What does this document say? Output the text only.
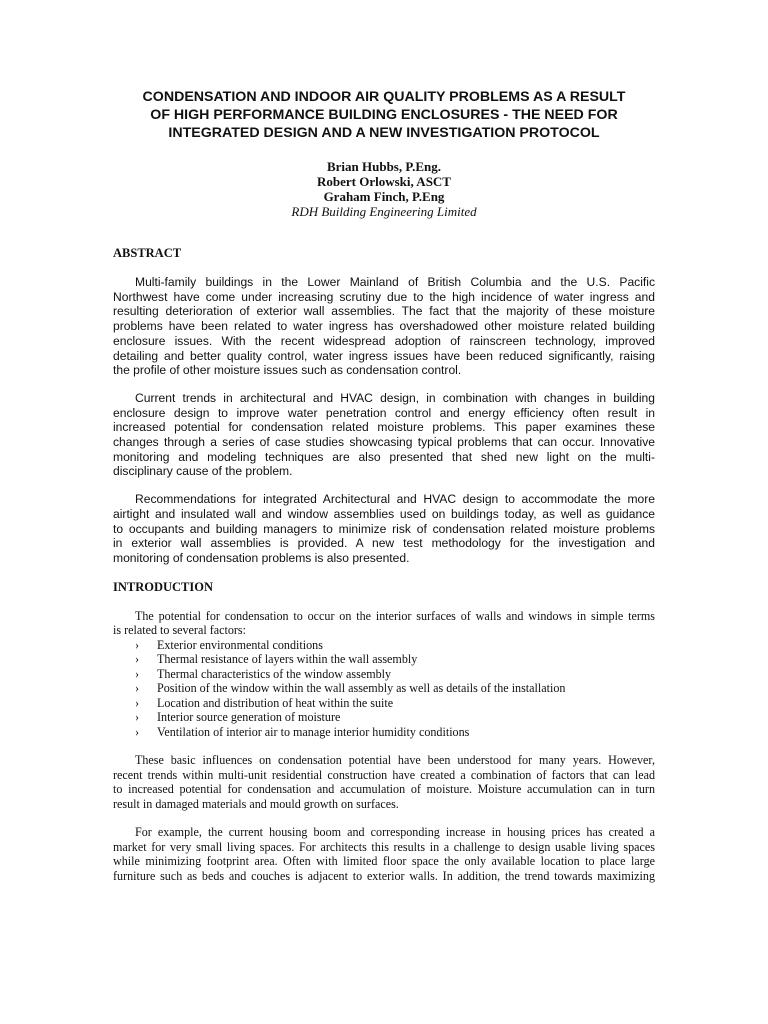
CONDENSATION AND INDOOR AIR QUALITY PROBLEMS AS A RESULT
OF HIGH PERFORMANCE BUILDING ENCLOSURES - THE NEED FOR
INTEGRATED DESIGN AND A NEW INVESTIGATION PROTOCOL
Brian Hubbs, P.Eng.
Robert Orlowski, ASCT
Graham Finch, P.Eng
RDH Building Engineering Limited
ABSTRACT

Multi-family buildings in the Lower Mainland of British Columbia and the U.S. Pacific
Northwest have come under increasing scrutiny due to the high incidence of water ingress and
resulting deterioration of exterior wall assemblies. The fact that the majority of these moisture
problems have been related to water ingress has overshadowed other moisture related building
enclosure issues. With the recent widespread adoption of rainscreen technology, improved
detailing and better quality control, water ingress issues have been reduced significantly, raising
the profile of other moisture issues such as condensation control.

Current trends in architectural and HVAC design, in combination with changes in building
enclosure design to improve water penetration control and energy efficiency often result in
increased potential for condensation related moisture problems. This paper examines these
changes through a series of case studies showcasing typical problems that can occur. Innovative
monitoring and modeling techniques are also presented that shed new light on the multi-
disciplinary cause of the problem.

Recommendations for integrated Architectural and HVAC design to accommodate the more
airtight and insulated wall and window assemblies used on buildings today, as well as guidance
to occupants and building managers to minimize risk of condensation related moisture problems
in exterior wall assemblies is provided. A new test methodology for the investigation and
monitoring of condensation problems is also presented.

INTRODUCTION

The potential for condensation to occur on the interior surfaces of walls and windows in simple terms
is related to several factors:

› Exterior environmental conditions
› Thermal resistance of layers within the wall assembly
› Thermal characteristics of the window assembly
› Position of the window within the wall assembly as well as details of the installation
› Location and distribution of heat within the suite
› Interior source generation of moisture
› Ventilation of interior air to manage interior humidity conditions

These basic influences on condensation potential have been understood for many years. However,
recent trends within multi-unit residential construction have created a combination of factors that can lead
to increased potential for condensation and accumulation of moisture. Moisture accumulation can in turn
result in damaged materials and mould growth on surfaces.

For example, the current housing boom and corresponding increase in housing prices has created a
market for very small living spaces. For architects this results in a challenge to design usable living spaces
while minimizing footprint area. Often with limited floor space the only available location to place large
furniture such as beds and couches is adjacent to exterior walls. In addition, the trend towards maximizing
